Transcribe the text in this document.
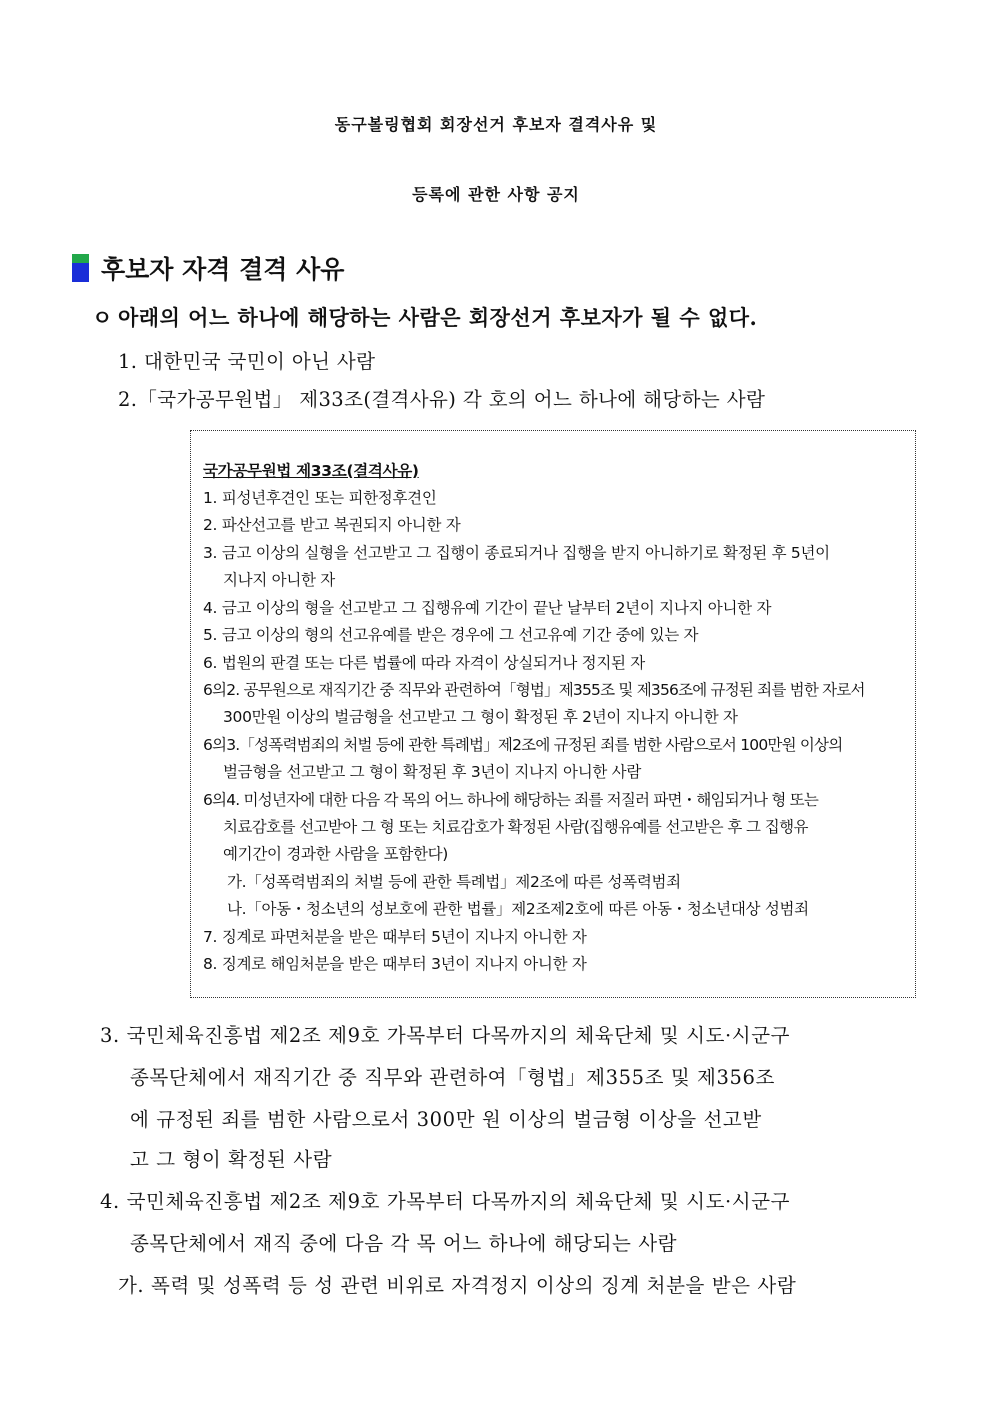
동구볼링협회 회장선거 후보자 결격사유 및
등록에 관한 사항 공지
후보자 자격 결격 사유
ㅇ 아래의 어느 하나에 해당하는 사람은 회장선거 후보자가 될 수 없다.
1. 대한민국 국민이 아닌 사람
2.「국가공무원법」 제33조(결격사유) 각 호의 어느 하나에 해당하는 사람
국가공무원법 제33조(결격사유)
1. 피성년후견인 또는 피한정후견인
2. 파산선고를 받고 복권되지 아니한 자
3. 금고 이상의 실형을 선고받고 그 집행이 종료되거나 집행을 받지 아니하기로 확정된 후 5년이
지나지 아니한 자
4. 금고 이상의 형을 선고받고 그 집행유예 기간이 끝난 날부터 2년이 지나지 아니한 자
5. 금고 이상의 형의 선고유예를 받은 경우에 그 선고유예 기간 중에 있는 자
6. 법원의 판결 또는 다른 법률에 따라 자격이 상실되거나 정지된 자
6의2. 공무원으로 재직기간 중 직무와 관련하여「형법」제355조 및 제356조에 규정된 죄를 범한 자로서
300만원 이상의 벌금형을 선고받고 그 형이 확정된 후 2년이 지나지 아니한 자
6의3.「성폭력범죄의 처벌 등에 관한 특례법」제2조에 규정된 죄를 범한 사람으로서 100만원 이상의
벌금형을 선고받고 그 형이 확정된 후 3년이 지나지 아니한 사람
6의4. 미성년자에 대한 다음 각 목의 어느 하나에 해당하는 죄를 저질러 파면・해임되거나 형 또는
치료감호를 선고받아 그 형 또는 치료감호가 확정된 사람(집행유예를 선고받은 후 그 집행유
예기간이 경과한 사람을 포함한다)
가.「성폭력범죄의 처벌 등에 관한 특례법」제2조에 따른 성폭력범죄
나.「아동・청소년의 성보호에 관한 법률」제2조제2호에 따른 아동・청소년대상 성범죄
7. 징계로 파면처분을 받은 때부터 5년이 지나지 아니한 자
8. 징계로 해임처분을 받은 때부터 3년이 지나지 아니한 자
3. 국민체육진흥법 제2조 제9호 가목부터 다목까지의 체육단체 및 시도·시군구
종목단체에서 재직기간 중 직무와 관련하여「형법」제355조 및 제356조
에 규정된 죄를 범한 사람으로서 300만 원 이상의 벌금형 이상을 선고받
고 그 형이 확정된 사람
4. 국민체육진흥법 제2조 제9호 가목부터 다목까지의 체육단체 및 시도·시군구
종목단체에서 재직 중에 다음 각 목 어느 하나에 해당되는 사람
가. 폭력 및 성폭력 등 성 관련 비위로 자격정지 이상의 징계 처분을 받은 사람
